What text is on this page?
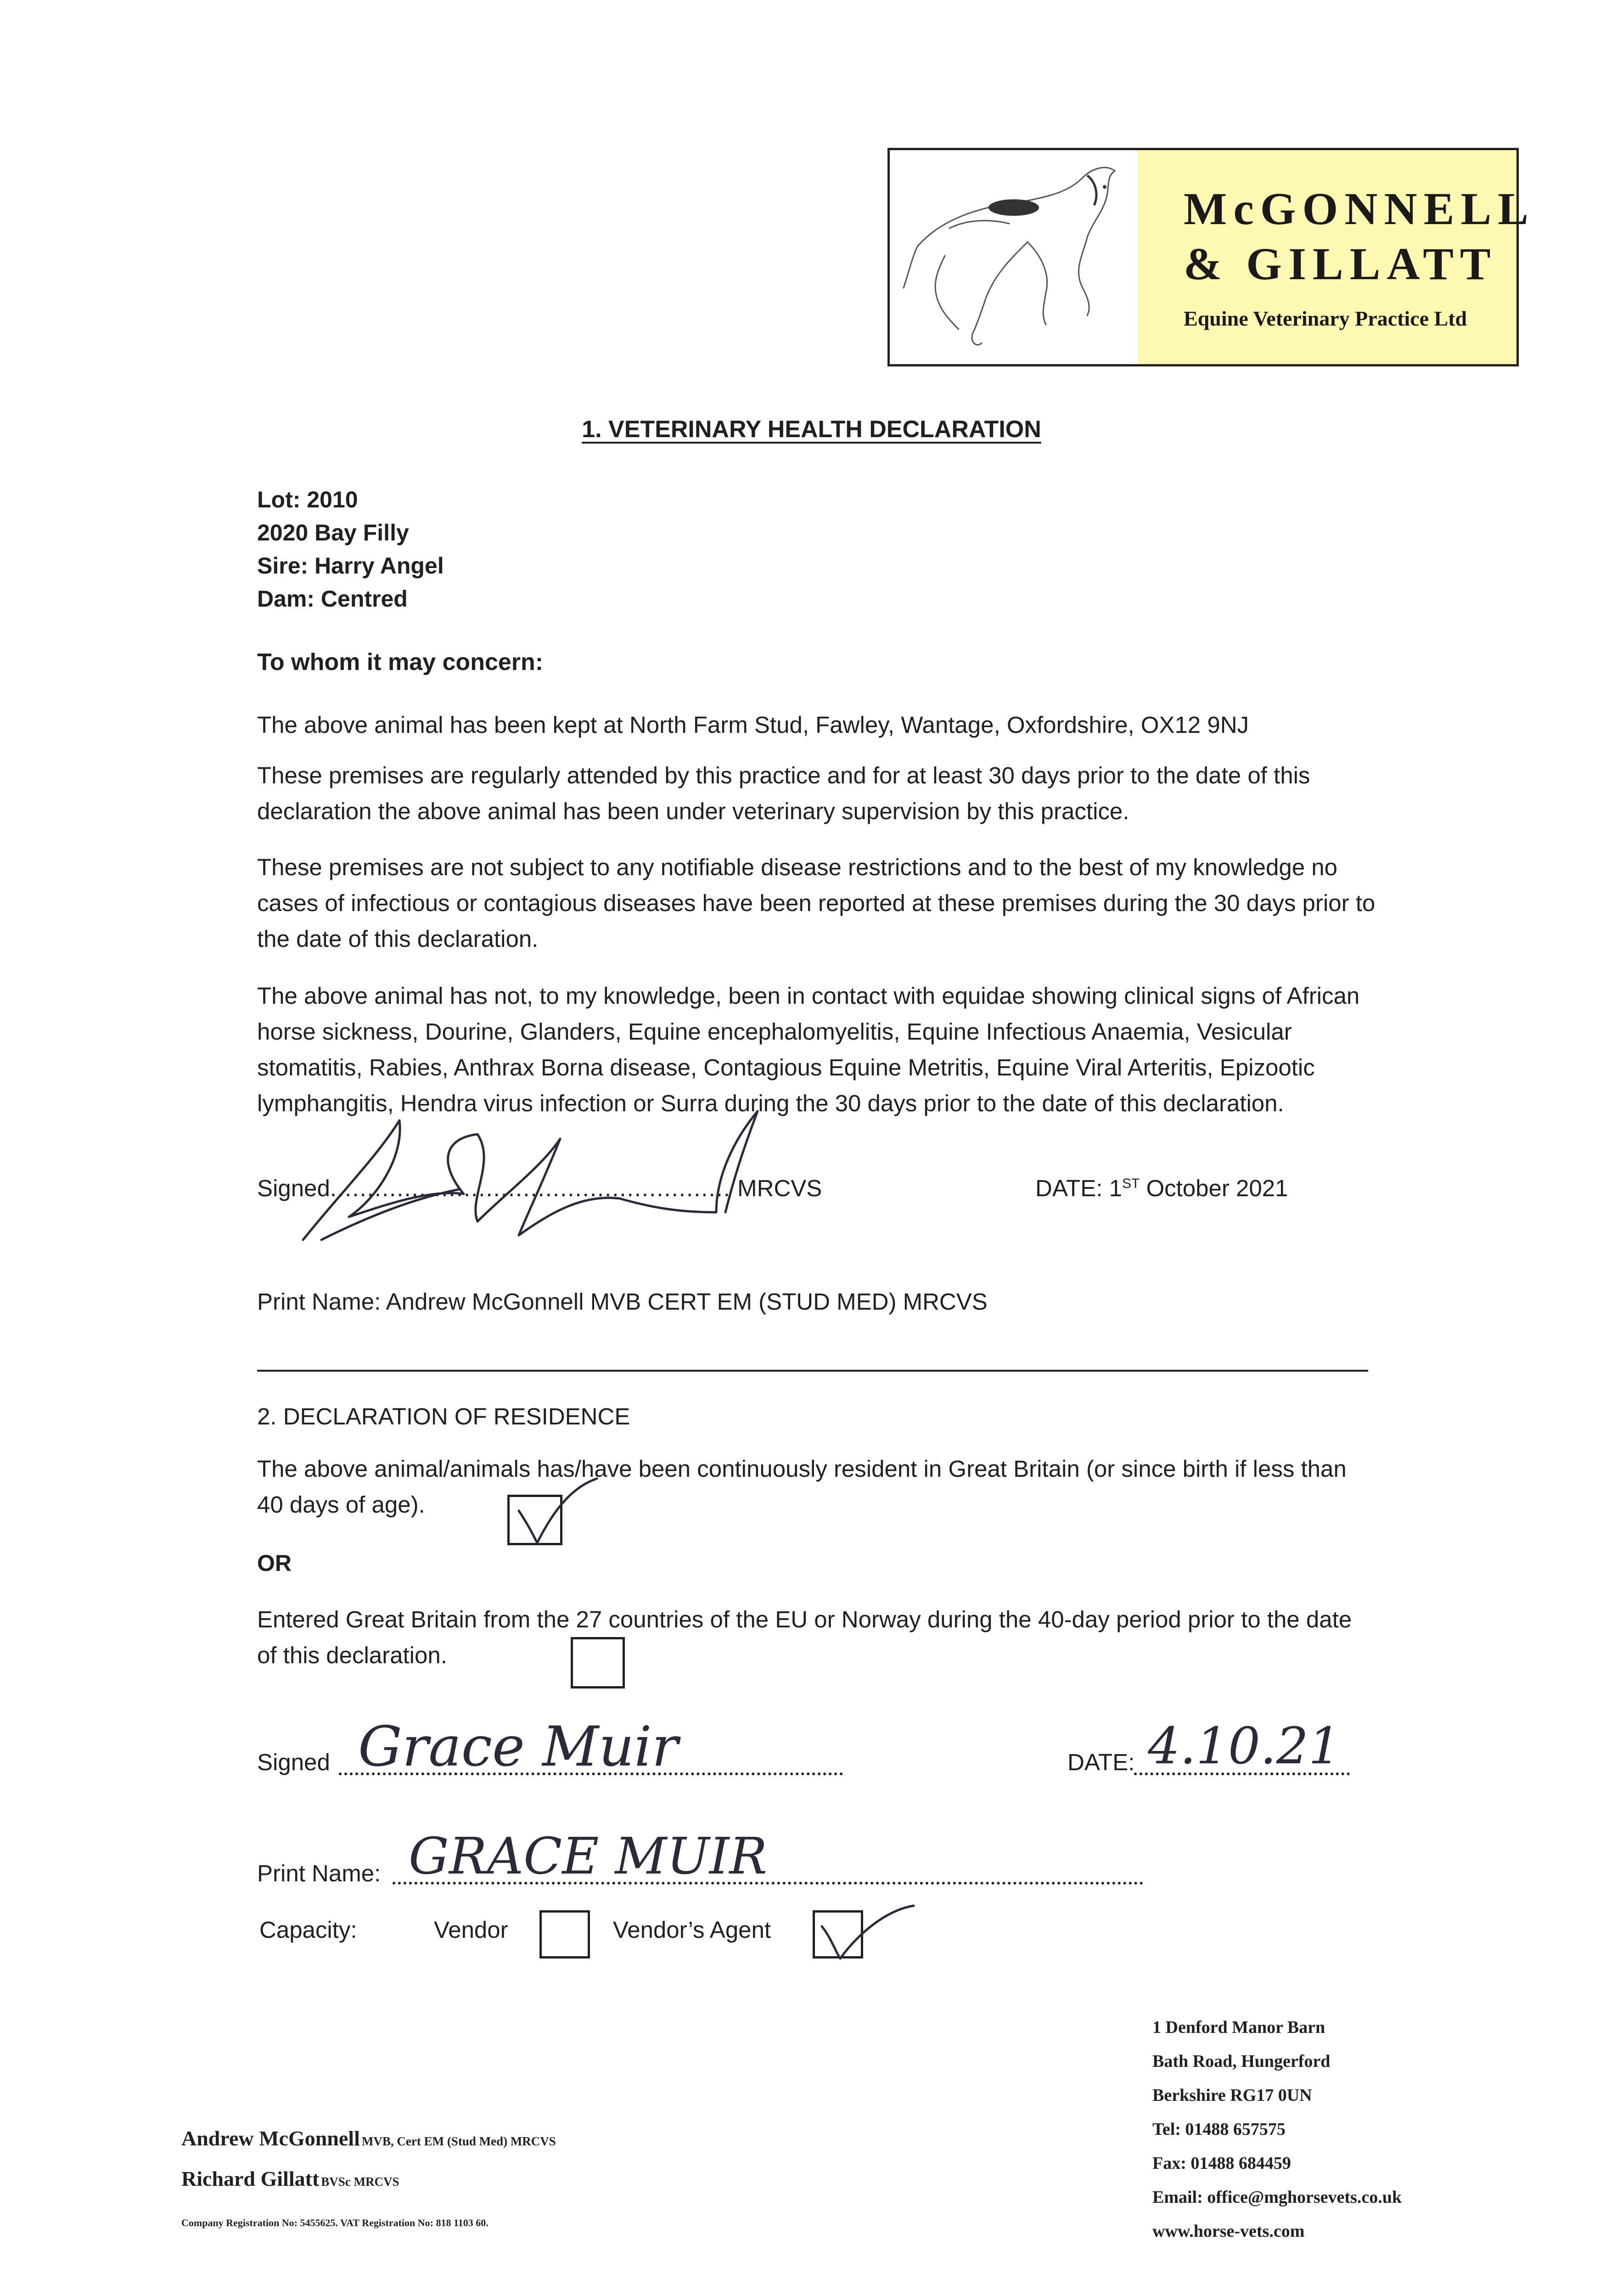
McGONNELL
& GILLATT
Equine Veterinary Practice Ltd
1. VETERINARY HEALTH DECLARATION
Lot: 2010
2020 Bay Filly
Sire: Harry Angel
Dam: Centred
To whom it may concern:
The above animal has been kept at North Farm Stud, Fawley, Wantage, Oxfordshire, OX12 9NJ
These premises are regularly attended by this practice and for at least 30 days prior to the date of this declaration the above animal has been under veterinary supervision by this practice.
These premises are not subject to any notifiable disease restrictions and to the best of my knowledge no cases of infectious or contagious diseases have been reported at these premises during the 30 days prior to the date of this declaration.
The above animal has not, to my knowledge, been in contact with equidae showing clinical signs of African horse sickness, Dourine, Glanders, Equine encephalomyelitis, Equine Infectious Anaemia, Vesicular stomatitis, Rabies, Anthrax Borna disease, Contagious Equine Metritis, Equine Viral Arteritis, Epizootic lymphangitis, Hendra virus infection or Surra during the 30 days prior to the date of this declaration.
Signed...................................................... MRCVS	DATE: 1ST October 2021
Print Name: Andrew McGonnell MVB CERT EM (STUD MED) MRCVS
2. DECLARATION OF RESIDENCE
The above animal/animals has/have been continuously resident in Great Britain (or since birth if less than 40 days of age).
OR
Entered Great Britain from the 27 countries of the EU or Norway during the 40-day period prior to the date of this declaration.
Signed	DATE:
Print Name:
Capacity:	Vendor	Vendor’s Agent
1 Denford Manor Barn
Bath Road, Hungerford
Berkshire RG17 0UN
Tel: 01488 657575
Fax: 01488 684459
Email: office@mghorsevets.co.uk
www.horse-vets.com
Andrew McGonnell MVB, Cert EM (Stud Med) MRCVS
Richard Gillatt BVSc MRCVS
Company Registration No: 5455625. VAT Registration No: 818 1103 60.
Grace Muir	4.10.21
GRACE MUIR
